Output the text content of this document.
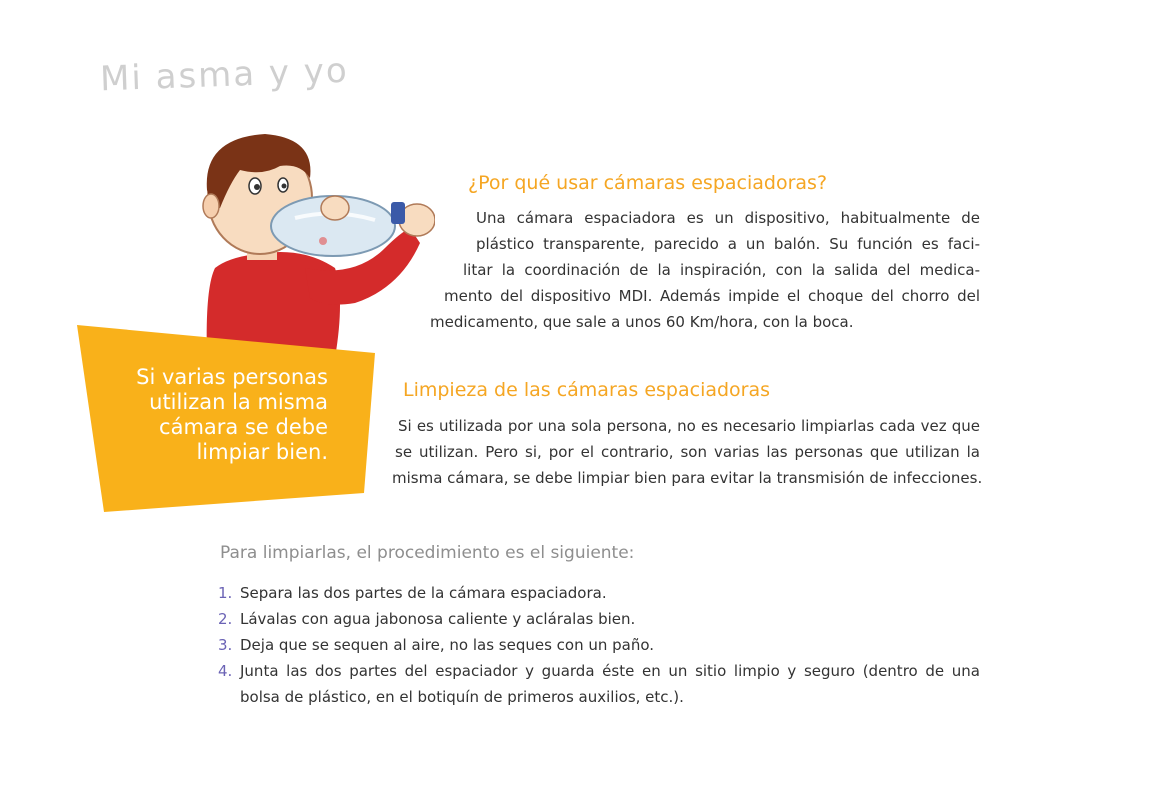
Mi asma y yo
Si varias personas
utilizan la misma
cámara se debe
limpiar bien.
¿Por qué usar cámaras espaciadoras?
Una cámara espaciadora es un dispositivo, habitualmente de
plástico transparente, parecido a un balón. Su función es faci-
litar la coordinación de la inspiración, con la salida del medica-
mento del dispositivo MDI. Además impide el choque del chorro del
medicamento, que sale a unos 60 Km/hora, con la boca.
Limpieza de las cámaras espaciadoras
Si es utilizada por una sola persona, no es necesario limpiarlas cada vez que
se utilizan. Pero si, por el contrario, son varias las personas que utilizan la
misma cámara, se debe limpiar bien para evitar la transmisión de infecciones.
Para limpiarlas, el procedimiento es el siguiente:
1. Separa las dos partes de la cámara espaciadora.
2. Lávalas con agua jabonosa caliente y acláralas bien.
3. Deja que se sequen al aire, no las seques con un paño.
4. Junta las dos partes del espaciador y guarda éste en un sitio limpio y seguro (dentro de una
bolsa de plástico, en el botiquín de primeros auxilios, etc.).
